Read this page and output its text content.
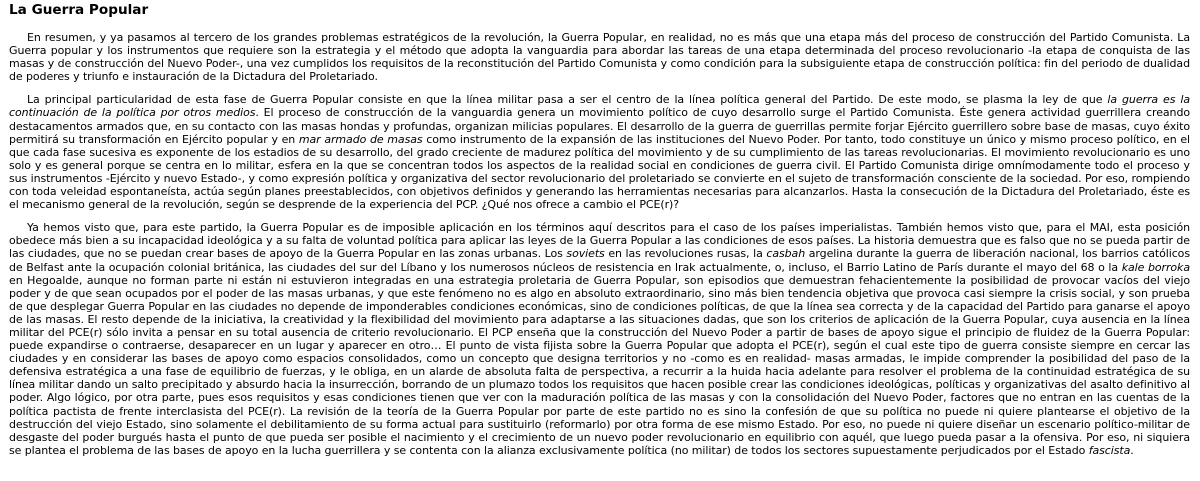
La Guerra Popular

En resumen, y ya pasamos al tercero de los grandes problemas estratégicos de la revolución, la Guerra Popular, en realidad, no es más que una etapa más del proceso de construcción del Partido Comunista. La Guerra popular y los instrumentos que requiere son la estrategia y el método que adopta la vanguardia para abordar las tareas de una etapa determinada del proceso revolucionario -la etapa de conquista de las masas y de construcción del Nuevo Poder-, una vez cumplidos los requisitos de la reconstitución del Partido Comunista y como condición para la subsiguiente etapa de construcción política: fin del periodo de dualidad de poderes y triunfo e instauración de la Dictadura del Proletariado.

La principal particularidad de esta fase de Guerra Popular consiste en que la línea militar pasa a ser el centro de la línea política general del Partido. De este modo, se plasma la ley de que la guerra es la continuación de la política por otros medios. El proceso de construcción de la vanguardia genera un movimiento político de cuyo desarrollo surge el Partido Comunista. Éste genera actividad guerrillera creando destacamentos armados que, en su contacto con las masas hondas y profundas, organizan milicias populares. El desarrollo de la guerra de guerrillas permite forjar Ejército guerrillero sobre base de masas, cuyo éxito permitirá su transformación en Ejército popular y en mar armado de masas como instrumento de la expansión de las instituciones del Nuevo Poder. Por tanto, todo constituye un único y mismo proceso político, en el que cada fase sucesiva es exponente de los estadios de su desarrollo, del grado creciente de madurez política del movimiento y de su cumplimiento de las tareas revolucionarias. El movimiento revolucionario es uno solo y es general porque se centra en lo militar, esfera en la que se concentran todos los aspectos de la realidad social en condiciones de guerra civil. El Partido Comunista dirige omnímodamente todo el proceso y sus instrumentos -Ejército y nuevo Estado-, y como expresión política y organizativa del sector revolucionario del proletariado se convierte en el sujeto de transformación consciente de la sociedad. Por eso, rompiendo con toda veleidad espontaneísta, actúa según planes preestablecidos, con objetivos definidos y generando las herramientas necesarias para alcanzarlos. Hasta la consecución de la Dictadura del Proletariado, éste es el mecanismo general de la revolución, según se desprende de la experiencia del PCP. ¿Qué nos ofrece a cambio el PCE(r)?

Ya hemos visto que, para este partido, la Guerra Popular es de imposible aplicación en los términos aquí descritos para el caso de los países imperialistas. También hemos visto que, para el MAI, esta posición obedece más bien a su incapacidad ideológica y a su falta de voluntad política para aplicar las leyes de la Guerra Popular a las condiciones de esos países. La historia demuestra que es falso que no se pueda partir de las ciudades, que no se puedan crear bases de apoyo de la Guerra Popular en las zonas urbanas. Los soviets en las revoluciones rusas, la casbah argelina durante la guerra de liberación nacional, los barrios católicos de Belfast ante la ocupación colonial británica, las ciudades del sur del Líbano y los numerosos núcleos de resistencia en Irak actualmente, o, incluso, el Barrio Latino de París durante el mayo del 68 o la kale borroka en Hegoalde, aunque no forman parte ni están ni estuvieron integradas en una estrategia proletaria de Guerra Popular, son episodios que demuestran fehacientemente la posibilidad de provocar vacíos del viejo poder y de que sean ocupados por el poder de las masas urbanas, y que este fenómeno no es algo en absoluto extraordinario, sino más bien tendencia objetiva que provoca casi siempre la crisis social, y son prueba de que desplegar Guerra Popular en las ciudades no depende de imponderables condiciones económicas, sino de condiciones políticas, de que la línea sea correcta y de la capacidad del Partido para ganarse el apoyo de las masas. El resto depende de la iniciativa, la creatividad y la flexibilidad del movimiento para adaptarse a las situaciones dadas, que son los criterios de aplicación de la Guerra Popular, cuya ausencia en la línea militar del PCE(r) sólo invita a pensar en su total ausencia de criterio revolucionario. El PCP enseña que la construcción del Nuevo Poder a partir de bases de apoyo sigue el principio de fluidez de la Guerra Popular: puede expandirse o contraerse, desaparecer en un lugar y aparecer en otro… El punto de vista fijista sobre la Guerra Popular que adopta el PCE(r), según el cual este tipo de guerra consiste siempre en cercar las ciudades y en considerar las bases de apoyo como espacios consolidados, como un concepto que designa territorios y no -como es en realidad- masas armadas, le impide comprender la posibilidad del paso de la defensiva estratégica a una fase de equilibrio de fuerzas, y le obliga, en un alarde de absoluta falta de perspectiva, a recurrir a la huida hacia adelante para resolver el problema de la continuidad estratégica de su línea militar dando un salto precipitado y absurdo hacia la insurrección, borrando de un plumazo todos los requisitos que hacen posible crear las condiciones ideológicas, políticas y organizativas del asalto definitivo al poder. Algo lógico, por otra parte, pues esos requisitos y esas condiciones tienen que ver con la maduración política de las masas y con la consolidación del Nuevo Poder, factores que no entran en las cuentas de la política pactista de frente interclasista del PCE(r). La revisión de la teoría de la Guerra Popular por parte de este partido no es sino la confesión de que su política no puede ni quiere plantearse el objetivo de la destrucción del viejo Estado, sino solamente el debilitamiento de su forma actual para sustituirlo (reformarlo) por otra forma de ese mismo Estado. Por eso, no puede ni quiere diseñar un escenario político-militar de desgaste del poder burgués hasta el punto de que pueda ser posible el nacimiento y el crecimiento de un nuevo poder revolucionario en equilibrio con aquél, que luego pueda pasar a la ofensiva. Por eso, ni siquiera se plantea el problema de las bases de apoyo en la lucha guerrillera y se contenta con la alianza exclusivamente política (no militar) de todos los sectores supuestamente perjudicados por el Estado fascista.
